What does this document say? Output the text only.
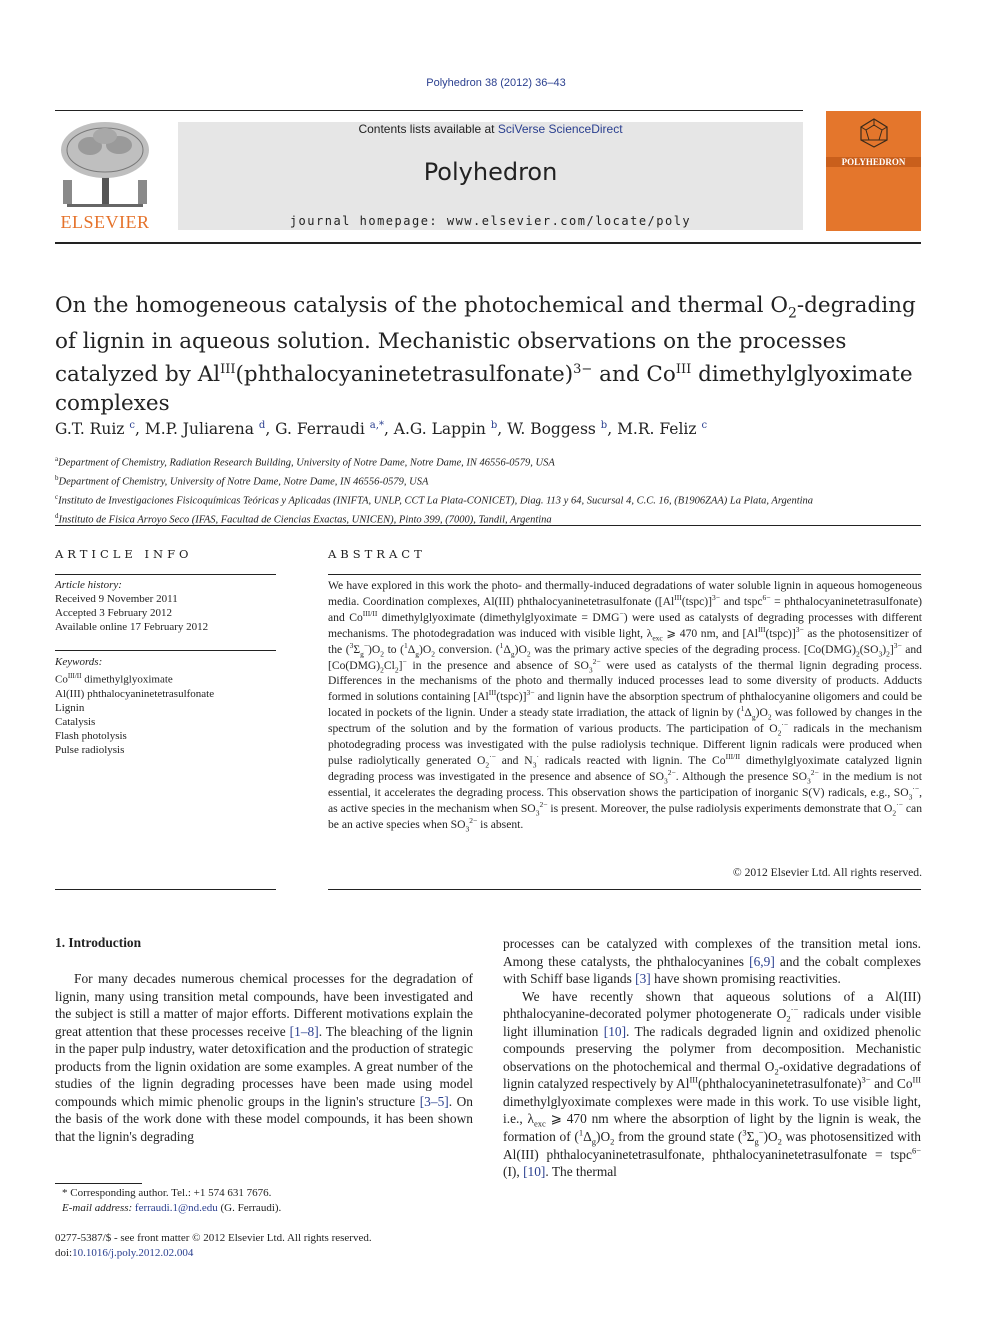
Polyhedron 38 (2012) 36–43
ELSEVIER
Contents lists available at SciVerse ScienceDirect
Polyhedron
journal homepage: www.elsevier.com/locate/poly
POLYHEDRON
On the homogeneous catalysis of the photochemical and thermal $O_2$-degrading of lignin in aqueous solution. Mechanistic observations on the processes catalyzed by $Al^{III}(phthalocyaninetetrasulfonate)^{3-}$ and $Co^{III}$ dimethylglyoximate complexes
G.T. Ruiz $^c$, M.P. Juliarena $^d$, G. Ferraudi $^{a,*}$, A.G. Lappin $^b$, W. Boggess $^b$, M.R. Feliz $^c$
$^a$Department of Chemistry, Radiation Research Building, University of Notre Dame, Notre Dame, IN 46556-0579, USA
$^b$Department of Chemistry, University of Notre Dame, Notre Dame, IN 46556-0579, USA
$^c$Instituto de Investigaciones Fisicoquímicas Teóricas y Aplicadas (INIFTA, UNLP, CCT La Plata-CONICET), Diag. 113 y 64, Sucursal 4, C.C. 16, (B1906ZAA) La Plata, Argentina
$^d$Instituto de Fisica Arroyo Seco (IFAS, Facultad de Ciencias Exactas, UNICEN), Pinto 399, (7000), Tandil, Argentina
ARTICLE INFO
Article history:
Received 9 November 2011
Accepted 3 February 2012
Available online 17 February 2012
Keywords:
$Co^{III/II}$ dimethylglyoximate
Al(III) phthalocyaninetetrasulfonate
Lignin
Catalysis
Flash photolysis
Pulse radiolysis
ABSTRACT
We have explored in this work the photo- and thermally-induced degradations of water soluble lignin in aqueous homogeneous media. Coordination complexes, Al(III) phthalocyaninetetrasulfonate ($[Al^{III}(tspc)]^{3-}$ and tspc$^{6-}$ = phthalocyaninetetrasulfonate) and $Co^{III/II}$ dimethylglyoximate (dimethylglyoximate = DMG−) were used as catalysts of degrading processes with different mechanisms. The photodegradation was induced with visible light, $\lambda_{exc}$ ⩾ 470 nm, and $[Al^{III}(tspc)]^{3-}$ as the photosensitizer of the $(^3\Sigma_g^-)O_2$ to $(^1\Delta_g)O_2$ conversion. $(^1\Delta_g)O_2$ was the primary active species of the degrading process. $[Co(DMG)_2(SO_3)_2]^{3-}$ and $[Co(DMG)_2Cl_2]^-$ in the presence and absence of $SO_3^{2-}$ were used as catalysts of the thermal lignin degrading process. Differences in the mechanisms of the photo and thermally induced processes lead to some diversity of products. Adducts formed in solutions containing $[Al^{III}(tspc)]^{3-}$ and lignin have the absorption spectrum of phthalocyanine oligomers and could be located in pockets of the lignin. Under a steady state irradiation, the attack of lignin by $(^1\Delta_g)O_2$ was followed by changes in the spectrum of the solution and by the formation of various products. The participation of $O_2^{\cdot-}$ radicals in the mechanism photodegrading process was investigated with the pulse radiolysis technique. Different lignin radicals were produced when pulse radiolytically generated $O_2^{\cdot-}$ and $N_3^\cdot$ radicals reacted with lignin. The $Co^{III/II}$ dimethylglyoximate catalyzed lignin degrading process was investigated in the presence and absence of $SO_3^{2-}$. Although the presence $SO_3^{2-}$ in the medium is not essential, it accelerates the degrading process. This observation shows the participation of inorganic S(V) radicals, e.g., $SO_3^{\cdot-}$, as active species in the mechanism when $SO_3^{2-}$ is present. Moreover, the pulse radiolysis experiments demonstrate that $O_2^{\cdot-}$ can be an active species when $SO_3^{2-}$ is absent.
© 2012 Elsevier Ltd. All rights reserved.
1. Introduction

For many decades numerous chemical processes for the degradation of lignin, many using transition metal compounds, have been investigated and the subject is still a matter of major efforts. Different motivations explain the great attention that these processes receive [1–8]. The bleaching of the lignin in the paper pulp industry, water detoxification and the production of strategic products from the lignin oxidation are some examples. A great number of the studies of the lignin degrading processes have been made using model compounds which mimic phenolic groups in the lignin's structure [3–5]. On the basis of the work done with these model compounds, it has been shown that the lignin's degrading

processes can be catalyzed with complexes of the transition metal ions. Among these catalysts, the phthalocyanines [6,9] and the cobalt complexes with Schiff base ligands [3] have shown promising reactivities.

We have recently shown that aqueous solutions of a Al(III) phthalocyanine-decorated polymer photogenerate $O_2^{\cdot-}$ radicals under visible light illumination [10]. The radicals degraded lignin and oxidized phenolic compounds preserving the polymer from decomposition. Mechanistic observations on the photochemical and thermal $O_2$-oxidative degradations of lignin catalyzed respectively by $Al^{III}(phthalocyaninetetrasulfonate)^{3-}$ and $Co^{III}$ dimethylglyoximate complexes were made in this work. To use visible light, i.e., $\lambda_{exc}$ ⩾ 470 nm where the absorption of light by the lignin is weak, the formation of $(^1\Delta_g)O_2$ from the ground state $(^3\Sigma_g^-)O_2$ was photosensitized with Al(III) phthalocyaninetetrasulfonate, phthalocyaninetetrasulfonate = tspc$^{6-}$ (I), [10]. The thermal

* Corresponding author. Tel.: +1 574 631 7676.
E-mail address: ferraudi.1@nd.edu (G. Ferraudi).
0277-5387/$ - see front matter © 2012 Elsevier Ltd. All rights reserved.
doi:10.1016/j.poly.2012.02.004
